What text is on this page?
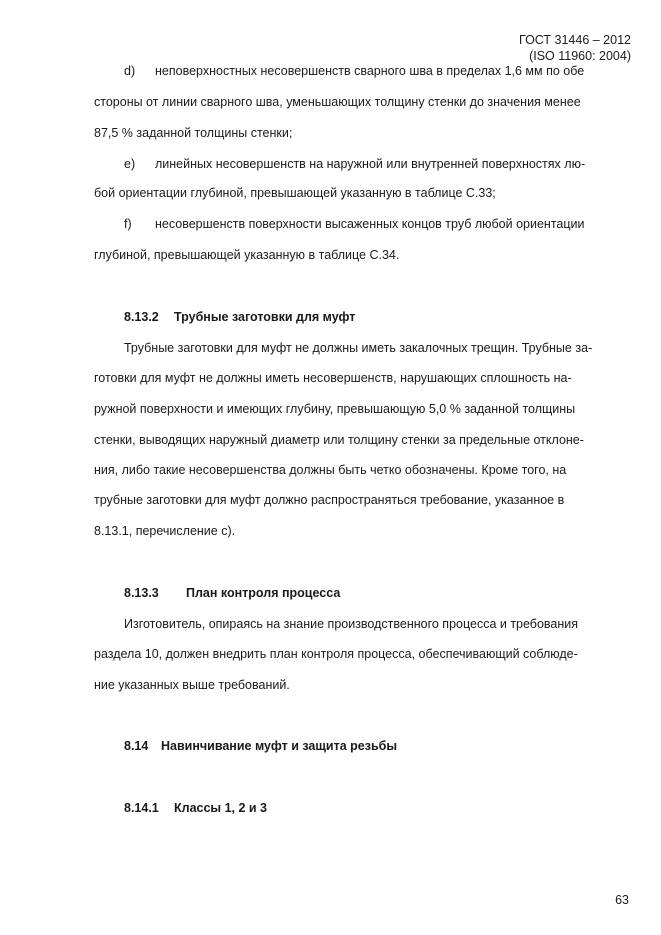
ГОСТ 31446 – 2012
(ISO 11960: 2004)
d) неповерхностных несовершенств сварного шва в пределах 1,6 мм по обе
стороны от линии сварного шва, уменьшающих толщину стенки до значения менее
87,5 % заданной толщины стенки;
e) линейных несовершенств на наружной или внутренней поверхностях лю-
бой ориентации глубиной, превышающей указанную в таблице С.33;
f) несовершенств поверхности высаженных концов труб любой ориентации
глубиной, превышающей указанную в таблице С.34.
8.13.2 Трубные заготовки для муфт
Трубные заготовки для муфт не должны иметь закалочных трещин. Трубные за-
готовки для муфт не должны иметь несовершенств, нарушающих сплошность на-
ружной поверхности и имеющих глубину, превышающую 5,0 % заданной толщины
стенки, выводящих наружный диаметр или толщину стенки за предельные отклоне-
ния, либо такие несовершенства должны быть четко обозначены. Кроме того, на
трубные заготовки для муфт должно распространяться требование, указанное в
8.13.1, перечисление с).
8.13.3 План контроля процесса
Изготовитель, опираясь на знание производственного процесса и требования
раздела 10, должен внедрить план контроля процесса, обеспечивающий соблюде-
ние указанных выше требований.
8.14 Навинчивание муфт и защита резьбы
8.14.1 Классы 1, 2 и 3
63
